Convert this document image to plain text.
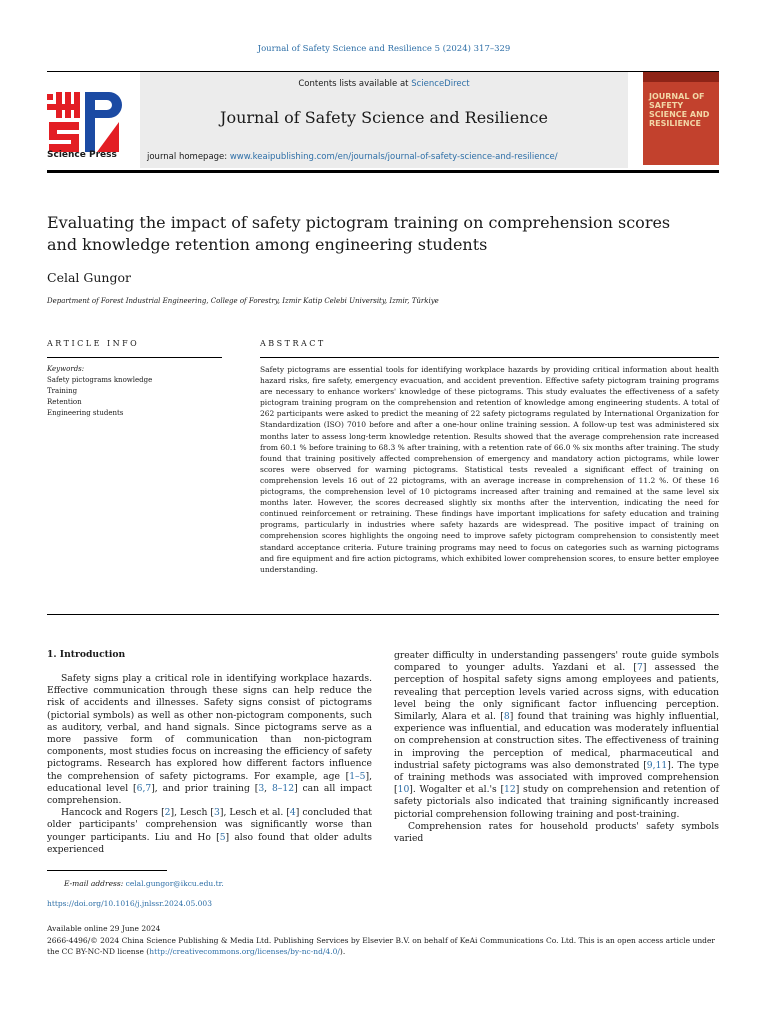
Journal of Safety Science and Resilience 5 (2024) 317–329
Science Press
Contents lists available at ScienceDirect
Journal of Safety Science and Resilience
journal homepage: www.keaipublishing.com/en/journals/journal-of-safety-science-and-resilience/
JOURNAL OF SAFETY SCIENCE AND RESILIENCE
Evaluating the impact of safety pictogram training on comprehension scores and knowledge retention among engineering students
Celal Gungor
Department of Forest Industrial Engineering, College of Forestry, Izmir Katip Celebi University, Izmir, Türkiye
ARTICLE INFO	ABSTRACT
Keywords:
Safety pictograms knowledge
Training
Retention
Engineering students
Safety pictograms are essential tools for identifying workplace hazards by providing critical information about health hazard risks, fire safety, emergency evacuation, and accident prevention. Effective safety pictogram training programs are necessary to enhance workers' knowledge of these pictograms. This study evaluates the effectiveness of a safety pictogram training program on the comprehension and retention of knowledge among engineering students. A total of 262 participants were asked to predict the meaning of 22 safety pictograms regulated by International Organization for Standardization (ISO) 7010 before and after a one-hour online training session. A follow-up test was administered six months later to assess long-term knowledge retention. Results showed that the average comprehension rate increased from 60.1 % before training to 68.3 % after training, with a retention rate of 66.0 % six months after training. The study found that training positively affected comprehension of emergency and mandatory action pictograms, while lower scores were observed for warning pictograms. Statistical tests revealed a significant effect of training on comprehension levels 16 out of 22 pictograms, with an average increase in comprehension of 11.2 %. Of these 16 pictograms, the comprehension level of 10 pictograms increased after training and remained at the same level six months later. However, the scores decreased slightly six months after the intervention, indicating the need for continued reinforcement or retraining. These findings have important implications for safety education and training programs, particularly in industries where safety hazards are widespread. The positive impact of training on comprehension scores highlights the ongoing need to improve safety pictogram comprehension to consistently meet standard acceptance criteria. Future training programs may need to focus on categories such as warning pictograms and fire equipment and fire action pictograms, which exhibited lower comprehension scores, to ensure better employee understanding.
1. Introduction

Safety signs play a critical role in identifying workplace hazards. Effective communication through these signs can help reduce the risk of accidents and illnesses. Safety signs consist of pictograms (pictorial symbols) as well as other non-pictogram components, such as auditory, verbal, and hand signals. Since pictograms serve as a more passive form of communication than non-pictogram components, most studies focus on increasing the efficiency of safety pictograms. Research has explored how different factors influence the comprehension of safety pictograms. For example, age [1–5], educational level [6,7], and prior training [3, 8–12] can all impact comprehension.

Hancock and Rogers [2], Lesch [3], Lesch et al. [4] concluded that older participants' comprehension was significantly worse than younger participants. Liu and Ho [5] also found that older adults experienced

greater difficulty in understanding passengers' route guide symbols compared to younger adults. Yazdani et al. [7] assessed the perception of hospital safety signs among employees and patients, revealing that perception levels varied across signs, with education level being the only significant factor influencing perception. Similarly, Alara et al. [8] found that training was highly influential, experience was influential, and education was moderately influential on comprehension at construction sites. The effectiveness of training in improving the perception of medical, pharmaceutical and industrial safety pictograms was also demonstrated [9,11]. The type of training methods was associated with improved comprehension [10]. Wogalter et al.'s [12] study on comprehension and retention of safety pictorials also indicated that training significantly increased pictorial comprehension following training and post-training.

Comprehension rates for household products' safety symbols varied

E-mail address: celal.gungor@ikcu.edu.tr.
https://doi.org/10.1016/j.jnlssr.2024.05.003
Available online 29 June 2024
2666-4496/© 2024 China Science Publishing & Media Ltd. Publishing Services by Elsevier B.V. on behalf of KeAi Communications Co. Ltd. This is an open access article under the CC BY-NC-ND license (http://creativecommons.org/licenses/by-nc-nd/4.0/).
